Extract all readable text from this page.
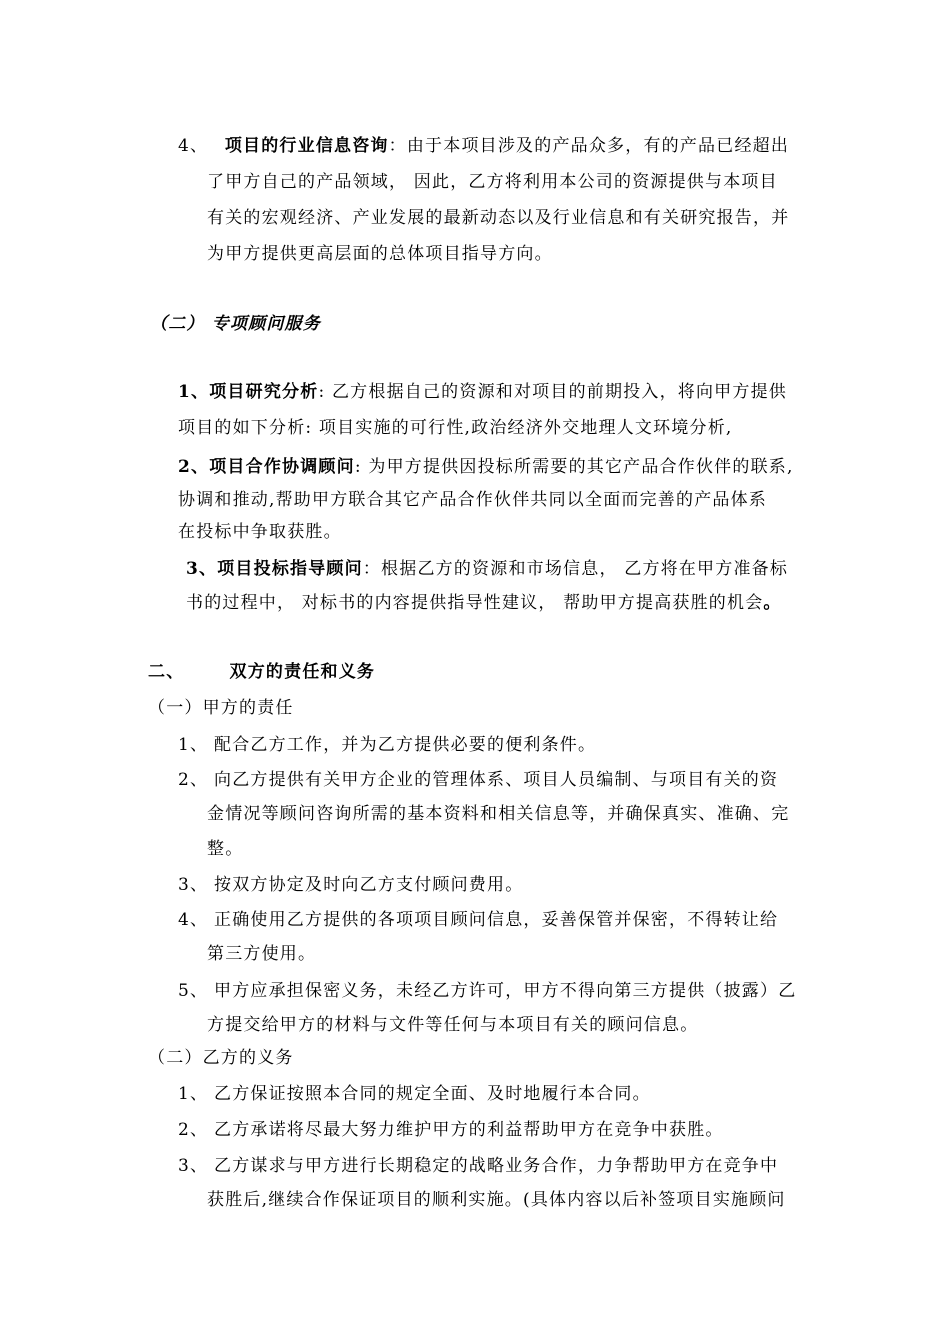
4、 项目的行业信息咨询：由于本项目涉及的产品众多，有的产品已经超出
了甲方自己的产品领域， 因此，乙方将利用本公司的资源提供与本项目
有关的宏观经济、产业发展的最新动态以及行业信息和有关研究报告，并
为甲方提供更高层面的总体项目指导方向。
（二） 专项顾问服务
1、项目研究分析: 乙方根据自己的资源和对项目的前期投入，将向甲方提供
项目的如下分析: 项目实施的可行性,政治经济外交地理人文环境分析,
2、项目合作协调顾问: 为甲方提供因投标所需要的其它产品合作伙伴的联系,
协调和推动,帮助甲方联合其它产品合作伙伴共同以全面而完善的产品体系
在投标中争取获胜。
3、项目投标指导顾问：根据乙方的资源和市场信息， 乙方将在甲方准备标
书的过程中， 对标书的内容提供指导性建议， 帮助甲方提高获胜的机会。
二、	双方的责任和义务
（一）甲方的责任
1、 配合乙方工作，并为乙方提供必要的便利条件。
2、 向乙方提供有关甲方企业的管理体系、项目人员编制、与项目有关的资
金情况等顾问咨询所需的基本资料和相关信息等，并确保真实、准确、完
整。
3、 按双方协定及时向乙方支付顾问费用。
4、 正确使用乙方提供的各项项目顾问信息，妥善保管并保密，不得转让给
第三方使用。
5、 甲方应承担保密义务，未经乙方许可，甲方不得向第三方提供（披露）乙
方提交给甲方的材料与文件等任何与本项目有关的顾问信息。
（二）乙方的义务
1、 乙方保证按照本合同的规定全面、及时地履行本合同。
2、 乙方承诺将尽最大努力维护甲方的利益帮助甲方在竞争中获胜。
3、 乙方谋求与甲方进行长期稳定的战略业务合作，力争帮助甲方在竞争中
获胜后,继续合作保证项目的顺利实施。(具体内容以后补签项目实施顾问
